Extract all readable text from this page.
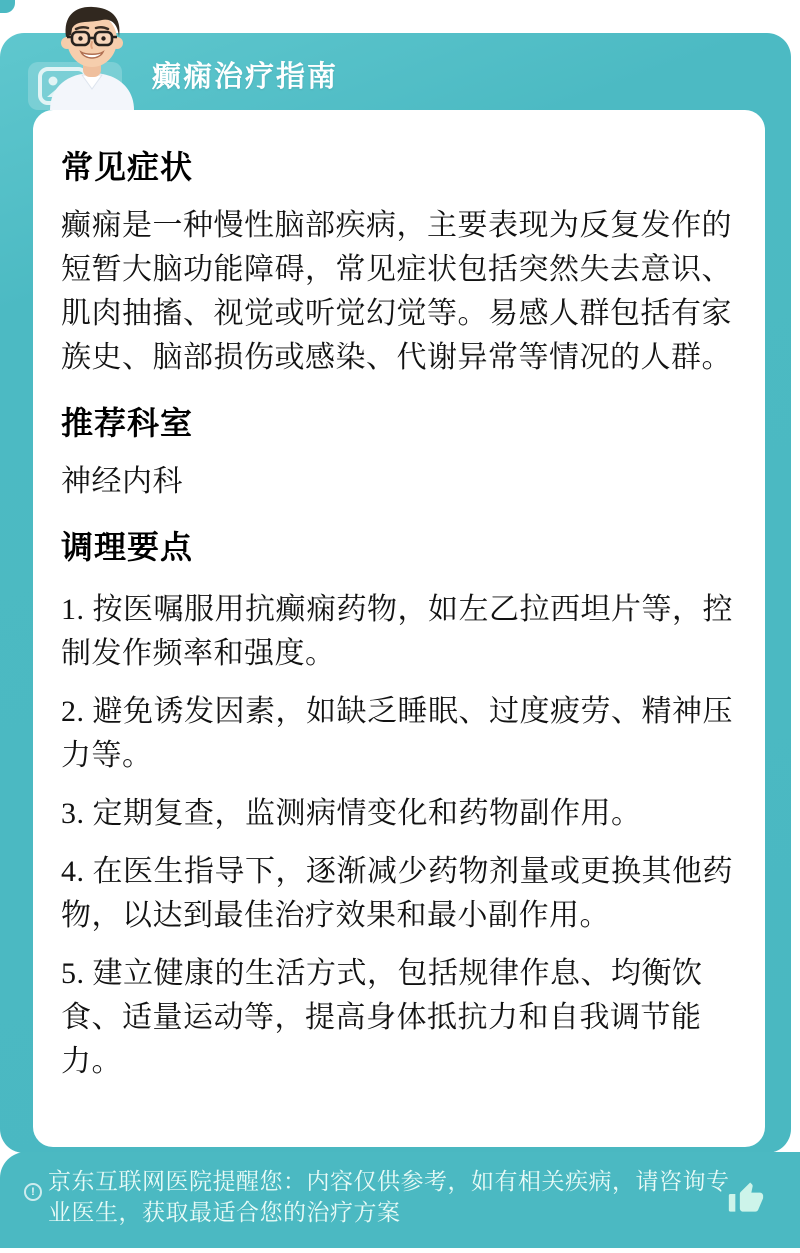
癫痫治疗指南
常见症状

癫痫是一种慢性脑部疾病，主要表现为反复发作的短暂大脑功能障碍，常见症状包括突然失去意识、肌肉抽搐、视觉或听觉幻觉等。易感人群包括有家族史、脑部损伤或感染、代谢异常等情况的人群。

推荐科室

神经内科

调理要点

1. 按医嘱服用抗癫痫药物，如左乙拉西坦片等，控制发作频率和强度。

2. 避免诱发因素，如缺乏睡眠、过度疲劳、精神压力等。

3. 定期复查，监测病情变化和药物副作用。

4. 在医生指导下，逐渐减少药物剂量或更换其他药物，以达到最佳治疗效果和最小副作用。

5. 建立健康的生活方式，包括规律作息、均衡饮食、适量运动等，提高身体抵抗力和自我调节能力。

! 京东互联网医院提醒您：内容仅供参考，如有相关疾病，请咨询专业医生，获取最适合您的治疗方案
